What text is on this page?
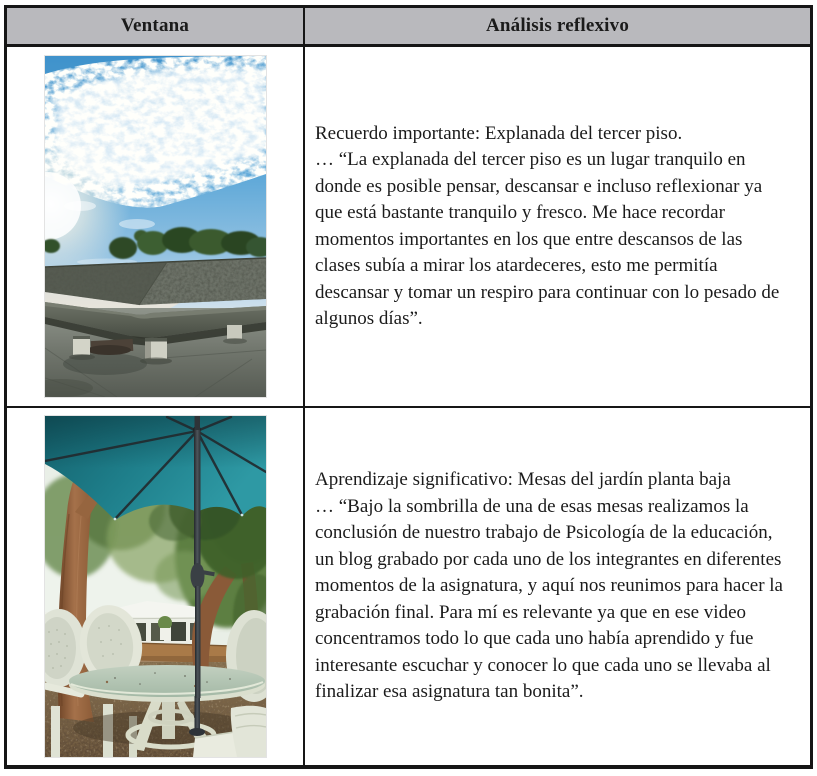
Ventana	Análisis reflexivo
Recuerdo importante: Explanada del tercer piso.
… “La explanada del tercer piso es un lugar tranquilo en donde es posible pensar, descansar e incluso reflexionar ya que está bastante tranquilo y fresco. Me hace recordar momentos importantes en los que entre descansos de las clases subía a mirar los atardeceres, esto me permitía descansar y tomar un respiro para continuar con lo pesado de algunos días”.
Aprendizaje significativo: Mesas del jardín planta baja
… “Bajo la sombrilla de una de esas mesas realizamos la conclusión de nuestro trabajo de Psicología de la educación, un blog grabado por cada uno de los integrantes en diferentes momentos de la asignatura, y aquí nos reunimos para hacer la grabación final. Para mí es relevante ya que en ese video concentramos todo lo que cada uno había aprendido y fue interesante escuchar y conocer lo que cada uno se llevaba al finalizar esa asignatura tan bonita”.
